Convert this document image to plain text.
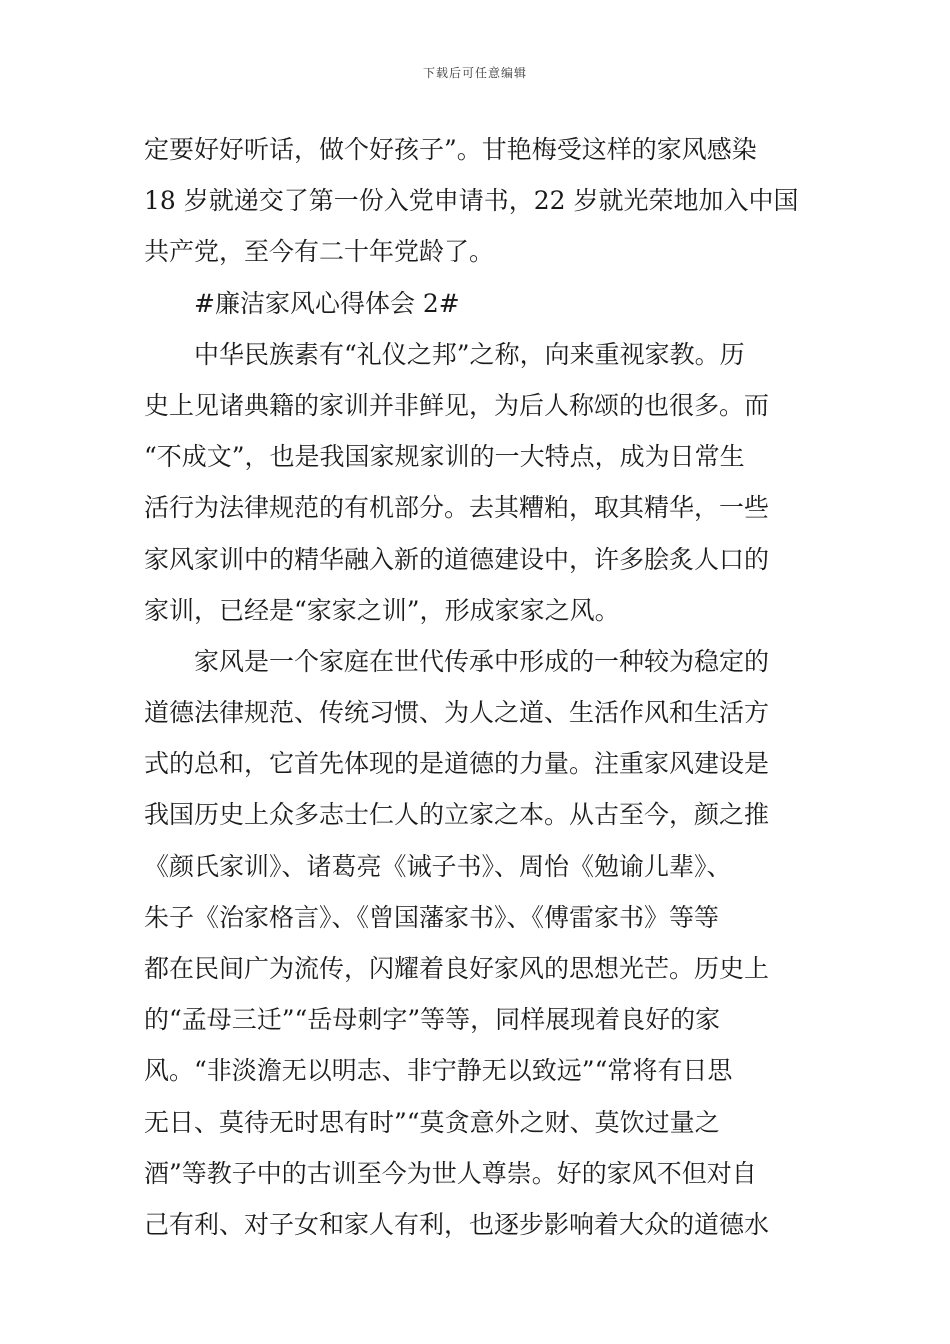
下载后可任意编辑
定要好好听话，做个好孩子”。甘艳梅受这样的家风感染
18 岁就递交了第一份入党申请书，22 岁就光荣地加入中国
共产党，至今有二十年党龄了。
#廉洁家风心得体会 2#
中华民族素有“礼仪之邦”之称，向来重视家教。历
史上见诸典籍的家训并非鲜见，为后人称颂的也很多。而
“不成文”，也是我国家规家训的一大特点，成为日常生
活行为法律规范的有机部分。去其糟粕，取其精华，一些
家风家训中的精华融入新的道德建设中，许多脍炙人口的
家训，已经是“家家之训”，形成家家之风。
家风是一个家庭在世代传承中形成的一种较为稳定的
道德法律规范、传统习惯、为人之道、生活作风和生活方
式的总和，它首先体现的是道德的力量。注重家风建设是
我国历史上众多志士仁人的立家之本。从古至今，颜之推
《颜氏家训》、诸葛亮《诫子书》、周怡《勉谕儿辈》、
朱子《治家格言》、《曾国藩家书》、《傅雷家书》等等
都在民间广为流传，闪耀着良好家风的思想光芒。历史上
的“孟母三迁”“岳母刺字”等等，同样展现着良好的家
风。“非淡澹无以明志、非宁静无以致远”“常将有日思
无日、莫待无时思有时”“莫贪意外之财、莫饮过量之
酒”等教子中的古训至今为世人尊崇。好的家风不但对自
己有利、对子女和家人有利，也逐步影响着大众的道德水
